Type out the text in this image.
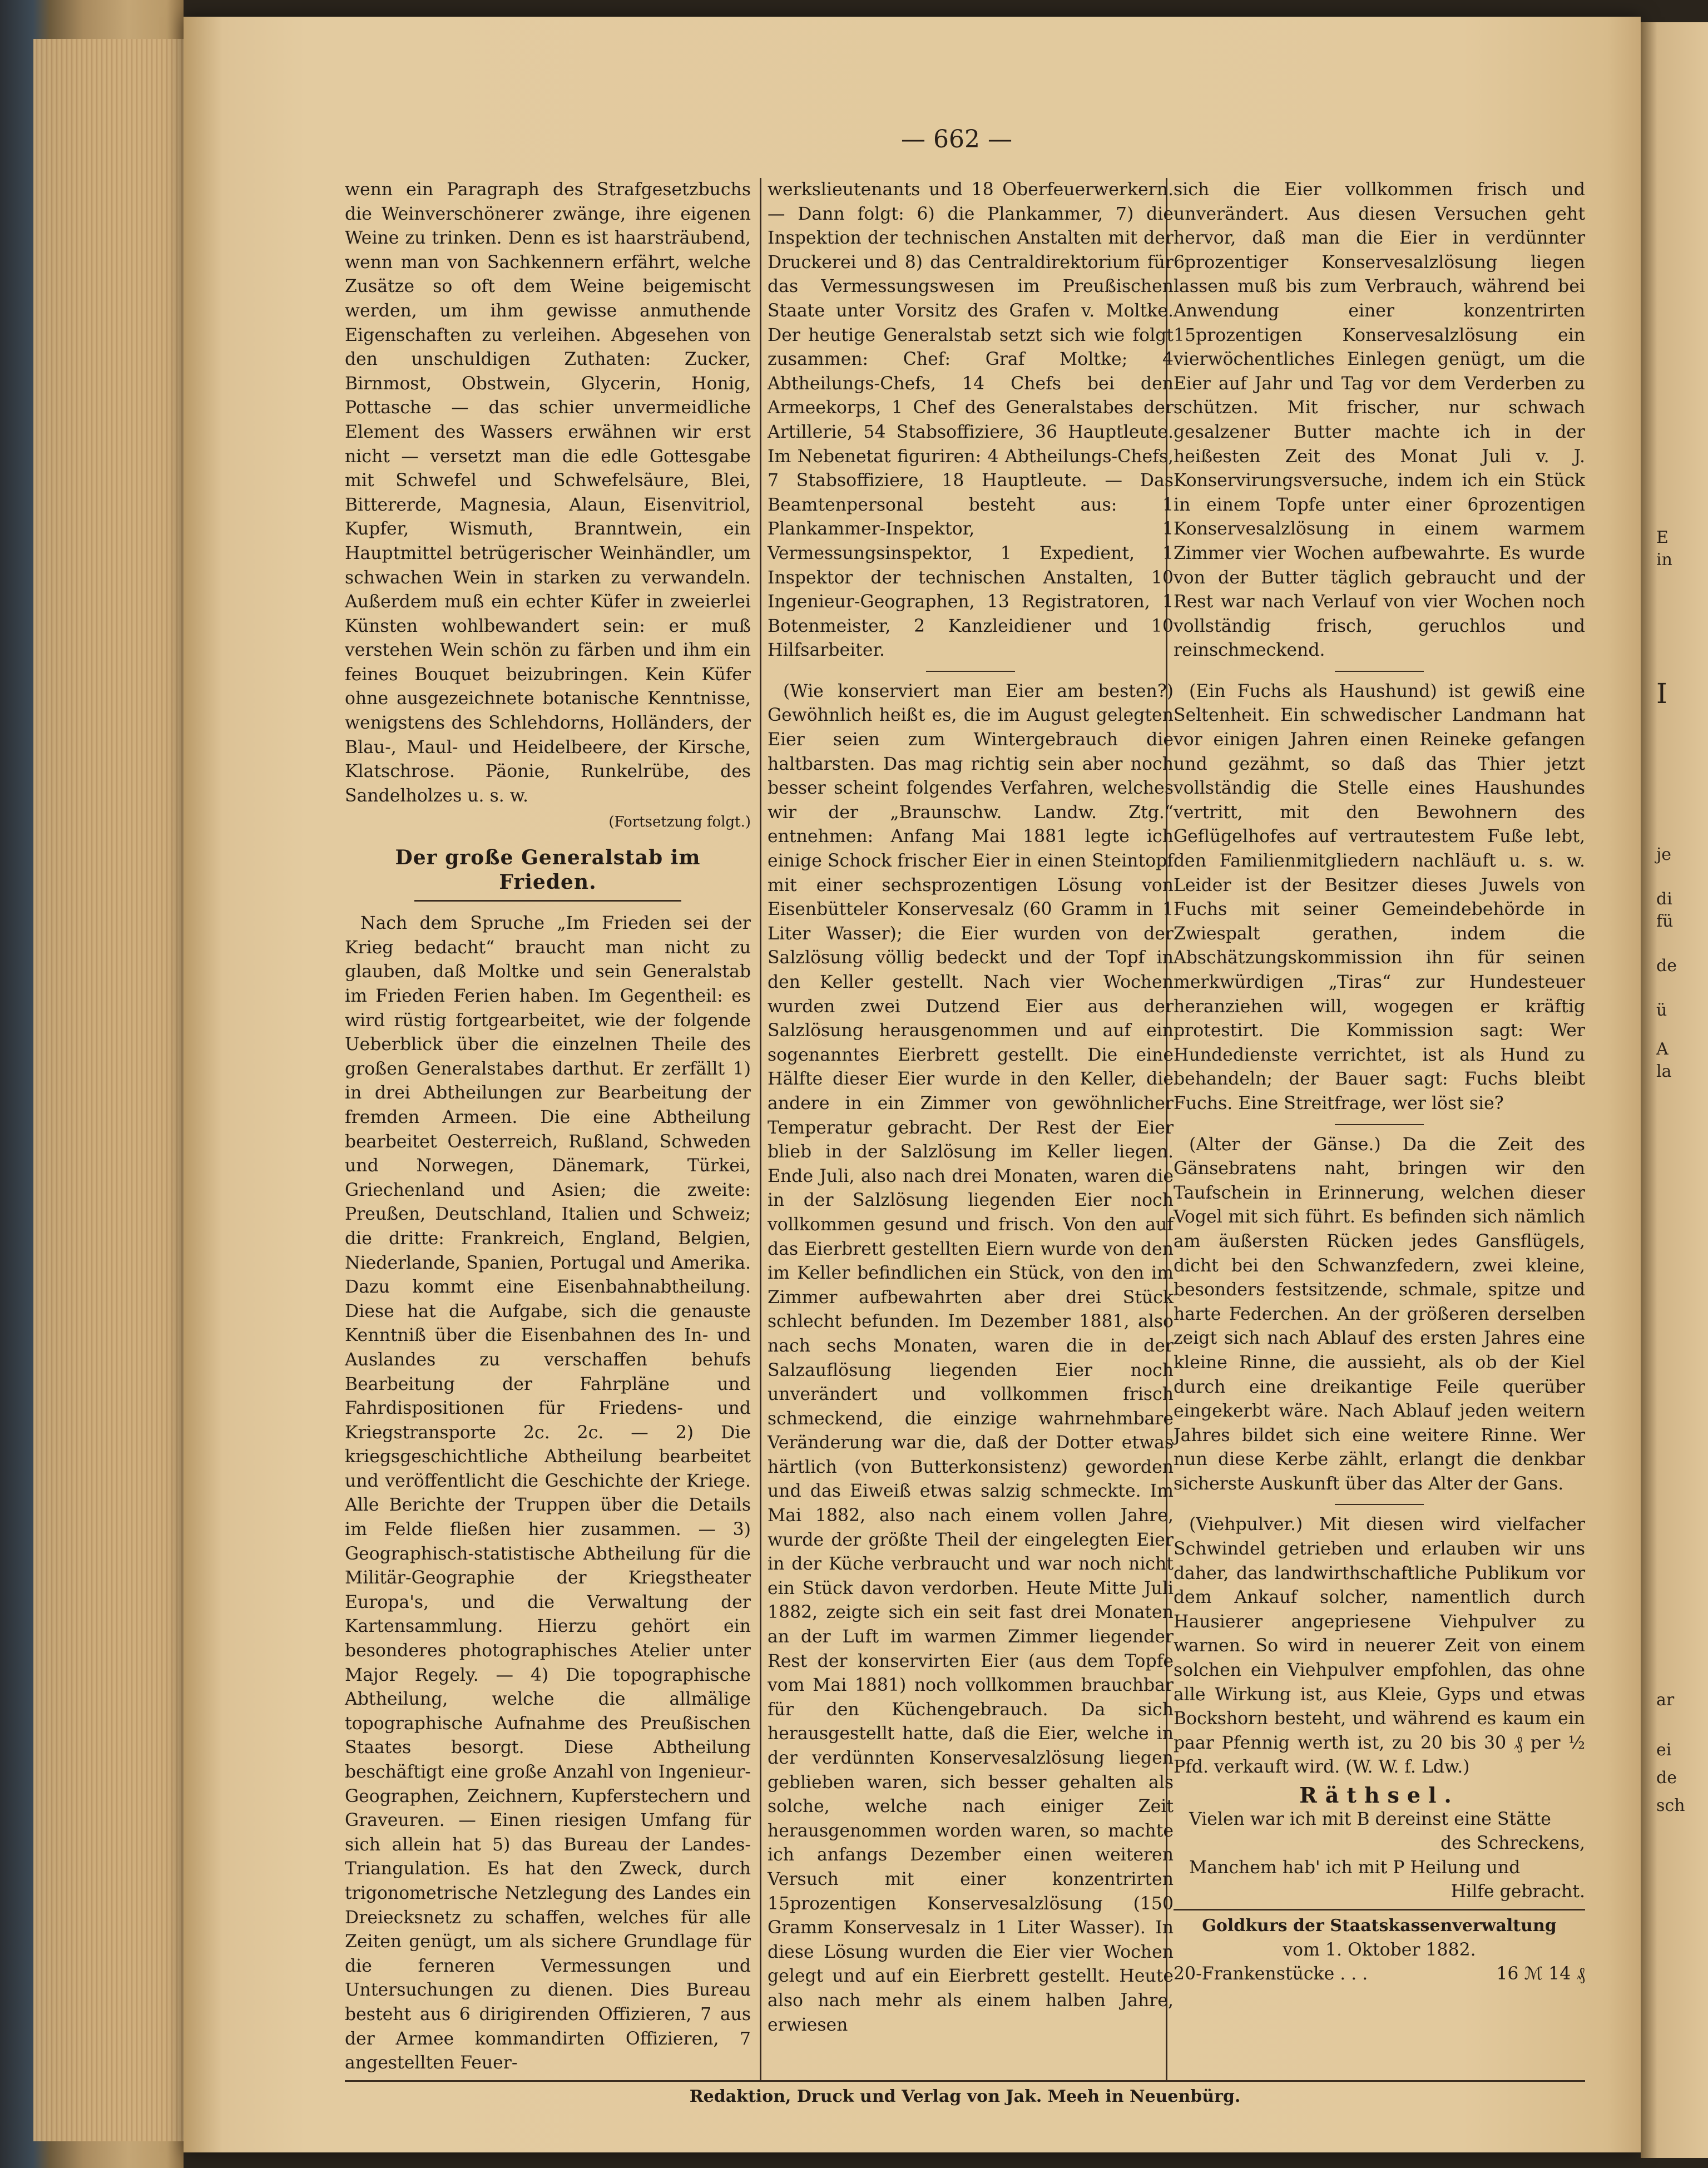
E
in
I
je
di
fü
de
ü
A
la
ar
ei
de
sch
— 662 —

wenn ein Paragraph des Strafgesetzbuchs die Weinverschönerer zwänge, ihre eigenen Weine zu trinken. Denn es ist haarsträubend, wenn man von Sachkennern erfährt, welche Zusätze so oft dem Weine beigemischt werden, um ihm gewisse anmuthende Eigenschaften zu verleihen. Abgesehen von den unschuldigen Zuthaten: Zucker, Birnmost, Obstwein, Glycerin, Honig, Pottasche — das schier unvermeidliche Element des Wassers erwähnen wir erst nicht — versetzt man die edle Gottesgabe mit Schwefel und Schwefelsäure, Blei, Bittererde, Magnesia, Alaun, Eisenvitriol, Kupfer, Wismuth, Branntwein, ein Hauptmittel betrügerischer Weinhändler, um schwachen Wein in starken zu verwandeln. Außerdem muß ein echter Küfer in zweierlei Künsten wohlbewandert sein: er muß verstehen Wein schön zu färben und ihm ein feines Bouquet beizubringen. Kein Küfer ohne ausgezeichnete botanische Kenntnisse, wenigstens des Schlehdorns, Holländers, der Blau-, Maul- und Heidelbeere, der Kirsche, Klatschrose. Päonie, Runkelrübe, des Sandelholzes u. s. w.

(Fortsetzung folgt.)
Der große Generalstab im Frieden.

Nach dem Spruche „Im Frieden sei der Krieg bedacht“ braucht man nicht zu glauben, daß Moltke und sein Generalstab im Frieden Ferien haben. Im Gegentheil: es wird rüstig fortgearbeitet, wie der folgende Ueberblick über die einzelnen Theile des großen Generalstabes darthut. Er zerfällt 1) in drei Abtheilungen zur Bearbeitung der fremden Armeen. Die eine Abtheilung bearbeitet Oesterreich, Rußland, Schweden und Norwegen, Dänemark, Türkei, Griechenland und Asien; die zweite: Preußen, Deutschland, Italien und Schweiz; die dritte: Frankreich, England, Belgien, Niederlande, Spanien, Portugal und Amerika. Dazu kommt eine Eisenbahnabtheilung. Diese hat die Aufgabe, sich die genauste Kenntniß über die Eisenbahnen des In- und Auslandes zu verschaffen behufs Bearbeitung der Fahrpläne und Fahrdispositionen für Friedens- und Kriegstransporte 2c. 2c. — 2) Die kriegsgeschichtliche Abtheilung bearbeitet und veröffentlicht die Geschichte der Kriege. Alle Berichte der Truppen über die Details im Felde fließen hier zusammen. — 3) Geographisch-statistische Abtheilung für die Militär-Geographie der Kriegstheater Europa's, und die Verwaltung der Kartensammlung. Hierzu gehört ein besonderes photographisches Atelier unter Major Regely. — 4) Die topographische Abtheilung, welche die allmälige topographische Aufnahme des Preußischen Staates besorgt. Diese Abtheilung beschäftigt eine große Anzahl von Ingenieur-Geographen, Zeichnern, Kupferstechern und Graveuren. — Einen riesigen Umfang für sich allein hat 5) das Bureau der Landes-Triangulation. Es hat den Zweck, durch trigonometrische Netzlegung des Landes ein Dreiecksnetz zu schaffen, welches für alle Zeiten genügt, um als sichere Grundlage für die ferneren Vermessungen und Untersuchungen zu dienen. Dies Bureau besteht aus 6 dirigirenden Offizieren, 7 aus der Armee kommandirten Offizieren, 7 angestellten Feuer-

werkslieutenants und 18 Oberfeuerwerkern. — Dann folgt: 6) die Plankammer, 7) die Inspektion der technischen Anstalten mit der Druckerei und 8) das Centraldirektorium für das Vermessungswesen im Preußischen Staate unter Vorsitz des Grafen v. Moltke. Der heutige Generalstab setzt sich wie folgt zusammen: Chef: Graf Moltke; 4 Abtheilungs-Chefs, 14 Chefs bei den Armeekorps, 1 Chef des Generalstabes der Artillerie, 54 Stabsoffiziere, 36 Hauptleute. Im Nebenetat figuriren: 4 Abtheilungs-Chefs, 7 Stabsoffiziere, 18 Hauptleute. — Das Beamtenpersonal besteht aus: 1 Plankammer-Inspektor, 1 Vermessungsinspektor, 1 Expedient, 1 Inspektor der technischen Anstalten, 10 Ingenieur-Geographen, 13 Registratoren, 1 Botenmeister, 2 Kanzleidiener und 10 Hilfsarbeiter.

(Wie konserviert man Eier am besten?) Gewöhnlich heißt es, die im August gelegten Eier seien zum Wintergebrauch die haltbarsten. Das mag richtig sein aber noch besser scheint folgendes Verfahren, welches wir der „Braunschw. Landw. Ztg.“ entnehmen: Anfang Mai 1881 legte ich einige Schock frischer Eier in einen Steintopf mit einer sechsprozentigen Lösung von Eisenbütteler Konservesalz (60 Gramm in 1 Liter Wasser); die Eier wurden von der Salzlösung völlig bedeckt und der Topf in den Keller gestellt. Nach vier Wochen wurden zwei Dutzend Eier aus der Salzlösung herausgenommen und auf ein sogenanntes Eierbrett gestellt. Die eine Hälfte dieser Eier wurde in den Keller, die andere in ein Zimmer von gewöhnlicher Temperatur gebracht. Der Rest der Eier blieb in der Salzlösung im Keller liegen. Ende Juli, also nach drei Monaten, waren die in der Salzlösung liegenden Eier noch vollkommen gesund und frisch. Von den auf das Eierbrett gestellten Eiern wurde von den im Keller befindlichen ein Stück, von den im Zimmer aufbewahrten aber drei Stück schlecht befunden. Im Dezember 1881, also nach sechs Monaten, waren die in der Salzauflösung liegenden Eier noch unverändert und vollkommen frisch schmeckend, die einzige wahrnehmbare Veränderung war die, daß der Dotter etwas härtlich (von Butterkonsistenz) geworden und das Eiweiß etwas salzig schmeckte. Im Mai 1882, also nach einem vollen Jahre, wurde der größte Theil der eingelegten Eier in der Küche verbraucht und war noch nicht ein Stück davon verdorben. Heute Mitte Juli 1882, zeigte sich ein seit fast drei Monaten an der Luft im warmen Zimmer liegender Rest der konservirten Eier (aus dem Topfe vom Mai 1881) noch vollkommen brauchbar für den Küchengebrauch. Da sich herausgestellt hatte, daß die Eier, welche in der verdünnten Konservesalzlösung liegen geblieben waren, sich besser gehalten als solche, welche nach einiger Zeit herausgenommen worden waren, so machte ich anfangs Dezember einen weiteren Versuch mit einer konzentrirten 15prozentigen Konservesalzlösung (150 Gramm Konservesalz in 1 Liter Wasser). In diese Lösung wurden die Eier vier Wochen gelegt und auf ein Eierbrett gestellt. Heute also nach mehr als einem halben Jahre, erwiesen

sich die Eier vollkommen frisch und unverändert. Aus diesen Versuchen geht hervor, daß man die Eier in verdünnter 6prozentiger Konservesalzlösung liegen lassen muß bis zum Verbrauch, während bei Anwendung einer konzentrirten 15prozentigen Konservesalzlösung ein vierwöchentliches Einlegen genügt, um die Eier auf Jahr und Tag vor dem Verderben zu schützen. Mit frischer, nur schwach gesalzener Butter machte ich in der heißesten Zeit des Monat Juli v. J. Konservirungsversuche, indem ich ein Stück in einem Topfe unter einer 6prozentigen Konservesalzlösung in einem warmem Zimmer vier Wochen aufbewahrte. Es wurde von der Butter täglich gebraucht und der Rest war nach Verlauf von vier Wochen noch vollständig frisch, geruchlos und reinschmeckend.

(Ein Fuchs als Haushund) ist gewiß eine Seltenheit. Ein schwedischer Landmann hat vor einigen Jahren einen Reineke gefangen und gezähmt, so daß das Thier jetzt vollständig die Stelle eines Haushundes vertritt, mit den Bewohnern des Geflügelhofes auf vertrautestem Fuße lebt, den Familienmitgliedern nachläuft u. s. w. Leider ist der Besitzer dieses Juwels von Fuchs mit seiner Gemeindebehörde in Zwiespalt gerathen, indem die Abschätzungskommission ihn für seinen merkwürdigen „Tiras“ zur Hundesteuer heranziehen will, wogegen er kräftig protestirt. Die Kommission sagt: Wer Hundedienste verrichtet, ist als Hund zu behandeln; der Bauer sagt: Fuchs bleibt Fuchs. Eine Streitfrage, wer löst sie?

(Alter der Gänse.) Da die Zeit des Gänsebratens naht, bringen wir den Taufschein in Erinnerung, welchen dieser Vogel mit sich führt. Es befinden sich nämlich am äußersten Rücken jedes Gansflügels, dicht bei den Schwanzfedern, zwei kleine, besonders festsitzende, schmale, spitze und harte Federchen. An der größeren derselben zeigt sich nach Ablauf des ersten Jahres eine kleine Rinne, die aussieht, als ob der Kiel durch eine dreikantige Feile querüber eingekerbt wäre. Nach Ablauf jeden weitern Jahres bildet sich eine weitere Rinne. Wer nun diese Kerbe zählt, erlangt die denkbar sicherste Auskunft über das Alter der Gans.

(Viehpulver.) Mit diesen wird vielfacher Schwindel getrieben und erlauben wir uns daher, das landwirthschaftliche Publikum vor dem Ankauf solcher, namentlich durch Hausierer angepriesene Viehpulver zu warnen. So wird in neuerer Zeit von einem solchen ein Viehpulver empfohlen, das ohne alle Wirkung ist, aus Kleie, Gyps und etwas Bockshorn besteht, und während es kaum ein paar Pfennig werth ist, zu 20 bis 30 ₰ per ½ Pfd. verkauft wird. (W. W. f. Ldw.)

Räthsel.

Vielen war ich mit B dereinst eine Stätte

des Schreckens,

Manchem hab' ich mit P Heilung und

Hilfe gebracht.

Goldkurs der Staatskassenverwaltung
vom 1. Oktober 1882.
20-Frankenstücke . . .	16 ℳ 14 ₰
Redaktion, Druck und Verlag von Jak. Meeh in Neuenbürg.
